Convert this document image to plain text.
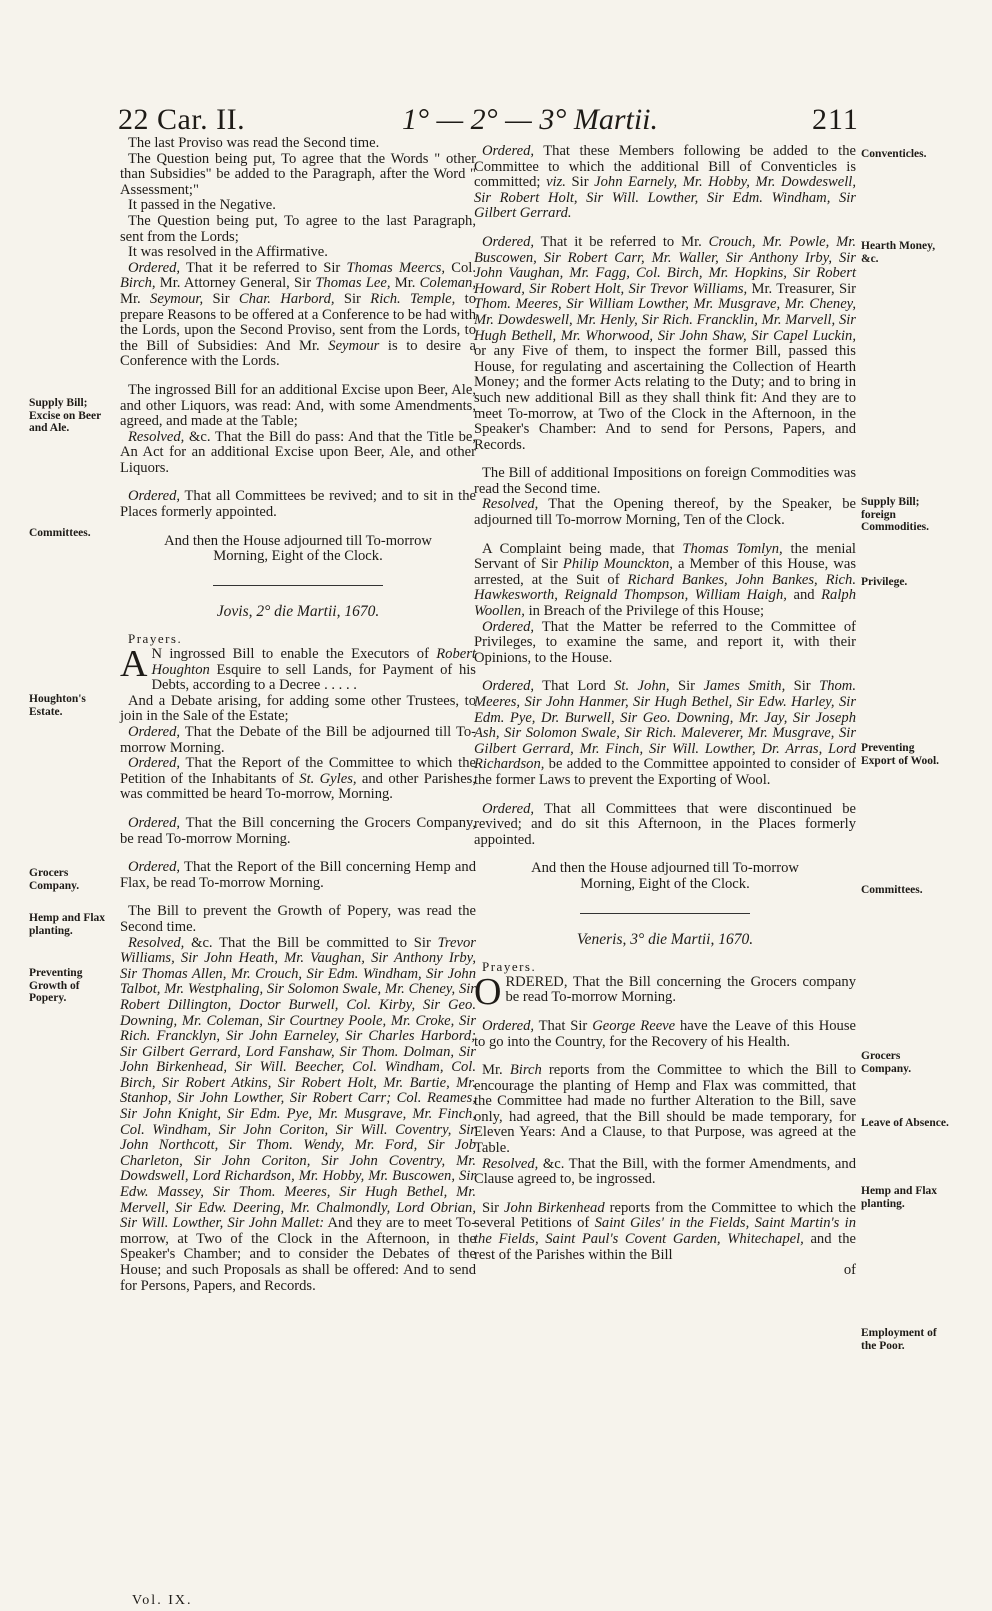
22 Car. II.	1° — 2° — 3° Martii.	211

The last Proviso was read the Second time.

The Question being put, To agree that the Words " other than Subsidies" be added to the Paragraph, after the Word " Assessment;"

It passed in the Negative.

The Question being put, To agree to the last Paragraph, sent from the Lords;

It was resolved in the Affirmative.

Ordered, That it be referred to Sir Thomas Meercs, Col. Birch, Mr. Attorney General, Sir Thomas Lee, Mr. Coleman, Mr. Seymour, Sir Char. Harbord, Sir Rich. Temple, to prepare Reasons to be offered at a Conference to be had with the Lords, upon the Second Proviso, sent from the Lords, to the Bill of Subsidies: And Mr. Seymour is to desire a Conference with the Lords.

The ingrossed Bill for an additional Excise upon Beer, Ale, and other Liquors, was read: And, with some Amendments, agreed, and made at the Table;

Resolved, &c. That the Bill do pass: And that the Title be, An Act for an additional Excise upon Beer, Ale, and other Liquors.

Ordered, That all Committees be revived; and to sit in the Places formerly appointed.

And then the House adjourned till To-morrow Morning, Eight of the Clock.

Jovis, 2° die Martii, 1670.

Prayers.

A N ingrossed Bill to enable the Executors of Robert Houghton Esquire to sell Lands, for Payment of his Debts, according to a Decree . . . . .

And a Debate arising, for adding some other Trustees, to join in the Sale of the Estate;

Ordered, That the Debate of the Bill be adjourned till To-morrow Morning.

Ordered, That the Report of the Committee to which the Petition of the Inhabitants of St. Gyles, and other Parishes, was committed be heard To-morrow, Morning.

Ordered, That the Bill concerning the Grocers Company, be read To-morrow Morning.

Ordered, That the Report of the Bill concerning Hemp and Flax, be read To-morrow Morning.

The Bill to prevent the Growth of Popery, was read the Second time.

Resolved, &c. That the Bill be committed to Sir Trevor Williams, Sir John Heath, Mr. Vaughan, Sir Anthony Irby, Sir Thomas Allen, Mr. Crouch, Sir Edm. Windham, Sir John Talbot, Mr. Westphaling, Sir Solomon Swale, Mr. Cheney, Sir Robert Dillington, Doctor Burwell, Col. Kirby, Sir Geo. Downing, Mr. Coleman, Sir Courtney Poole, Mr. Croke, Sir Rich. Francklyn, Sir John Earneley, Sir Charles Harbord; Sir Gilbert Gerrard, Lord Fanshaw, Sir Thom. Dolman, Sir John Birkenhead, Sir Will. Beecher, Col. Windham, Col. Birch, Sir Robert Atkins, Sir Robert Holt, Mr. Bartie, Mr. Stanhop, Sir John Lowther, Sir Robert Carr; Col. Reames, Sir John Knight, Sir Edm. Pye, Mr. Musgrave, Mr. Finch, Col. Windham, Sir John Coriton, Sir Will. Coventry, Sir John Northcott, Sir Thom. Wendy, Mr. Ford, Sir Job Charleton, Sir John Coriton, Sir John Coventry, Mr. Dowdswell, Lord Richardson, Mr. Hobby, Mr. Buscowen, Sir Edw. Massey, Sir Thom. Meeres, Sir Hugh Bethel, Mr. Mervell, Sir Edw. Deering, Mr. Chalmondly, Lord Obrian, Sir Will. Lowther, Sir John Mallet: And they are to meet To-morrow, at Two of the Clock in the Afternoon, in the Speaker's Chamber; and to consider the Debates of the House; and such Proposals as shall be offered: And to send for Persons, Papers, and Records.

Ordered, That these Members following be added to the Committee to which the additional Bill of Conventicles is committed; viz. Sir John Earnely, Mr. Hobby, Mr. Dowdeswell, Sir Robert Holt, Sir Will. Lowther, Sir Edm. Windham, Sir Gilbert Gerrard.

Ordered, That it be referred to Mr. Crouch, Mr. Powle, Mr. Buscowen, Sir Robert Carr, Mr. Waller, Sir Anthony Irby, Sir John Vaughan, Mr. Fagg, Col. Birch, Mr. Hopkins, Sir Robert Howard, Sir Robert Holt, Sir Trevor Williams, Mr. Treasurer, Sir Thom. Meeres, Sir William Lowther, Mr. Musgrave, Mr. Cheney, Mr. Dowdeswell, Mr. Henly, Sir Rich. Francklin, Mr. Marvell, Sir Hugh Bethell, Mr. Whorwood, Sir John Shaw, Sir Capel Luckin, or any Five of them, to inspect the former Bill, passed this House, for regulating and ascertaining the Collection of Hearth Money; and the former Acts relating to the Duty; and to bring in such new additional Bill as they shall think fit: And they are to meet To-morrow, at Two of the Clock in the Afternoon, in the Speaker's Chamber: And to send for Persons, Papers, and Records.

The Bill of additional Impositions on foreign Commodities was read the Second time.

Resolved, That the Opening thereof, by the Speaker, be adjourned till To-morrow Morning, Ten of the Clock.

A Complaint being made, that Thomas Tomlyn, the menial Servant of Sir Philip Mounckton, a Member of this House, was arrested, at the Suit of Richard Bankes, John Bankes, Rich. Hawkesworth, Reignald Thompson, William Haigh, and Ralph Woollen, in Breach of the Privilege of this House;

Ordered, That the Matter be referred to the Committee of Privileges, to examine the same, and report it, with their Opinions, to the House.

Ordered, That Lord St. John, Sir James Smith, Sir Thom. Meeres, Sir John Hanmer, Sir Hugh Bethel, Sir Edw. Harley, Sir Edm. Pye, Dr. Burwell, Sir Geo. Downing, Mr. Jay, Sir Joseph Ash, Sir Solomon Swale, Sir Rich. Maleverer, Mr. Musgrave, Sir Gilbert Gerrard, Mr. Finch, Sir Will. Lowther, Dr. Arras, Lord Richardson, be added to the Committee appointed to consider of the former Laws to prevent the Exporting of Wool.

Ordered, That all Committees that were discontinued be revived; and do sit this Afternoon, in the Places formerly appointed.

And then the House adjourned till To-morrow Morning, Eight of the Clock.

Veneris, 3° die Martii, 1670.

Prayers.

ORDERED, That the Bill concerning the Grocers company be read To-morrow Morning.

Ordered, That Sir George Reeve have the Leave of this House to go into the Country, for the Recovery of his Health.

Mr. Birch reports from the Committee to which the Bill to encourage the planting of Hemp and Flax was committed, that the Committee had made no further Alteration to the Bill, save only, had agreed, that the Bill should be made temporary, for Eleven Years: And a Clause, to that Purpose, was agreed at the Table.

Resolved, &c. That the Bill, with the former Amendments, and Clause agreed to, be ingrossed.

Sir John Birkenhead reports from the Committee to which the several Petitions of Saint Giles' in the Fields, Saint Martin's in the Fields, Saint Paul's Covent Garden, Whitechapel, and the rest of the Parishes within the Bill

of

Supply Bill; Excise on Beer and Ale.
Committees.
Houghton's Estate.
Grocers Company.
Hemp and Flax planting.
Preventing Growth of Popery.
Conventicles.
Hearth Money, &c.
Supply Bill; foreign Commodities.
Privilege.
Preventing Export of Wool.
Committees.
Grocers Company.
Leave of Absence.
Hemp and Flax planting.
Employment of the Poor.
Vol. IX.
